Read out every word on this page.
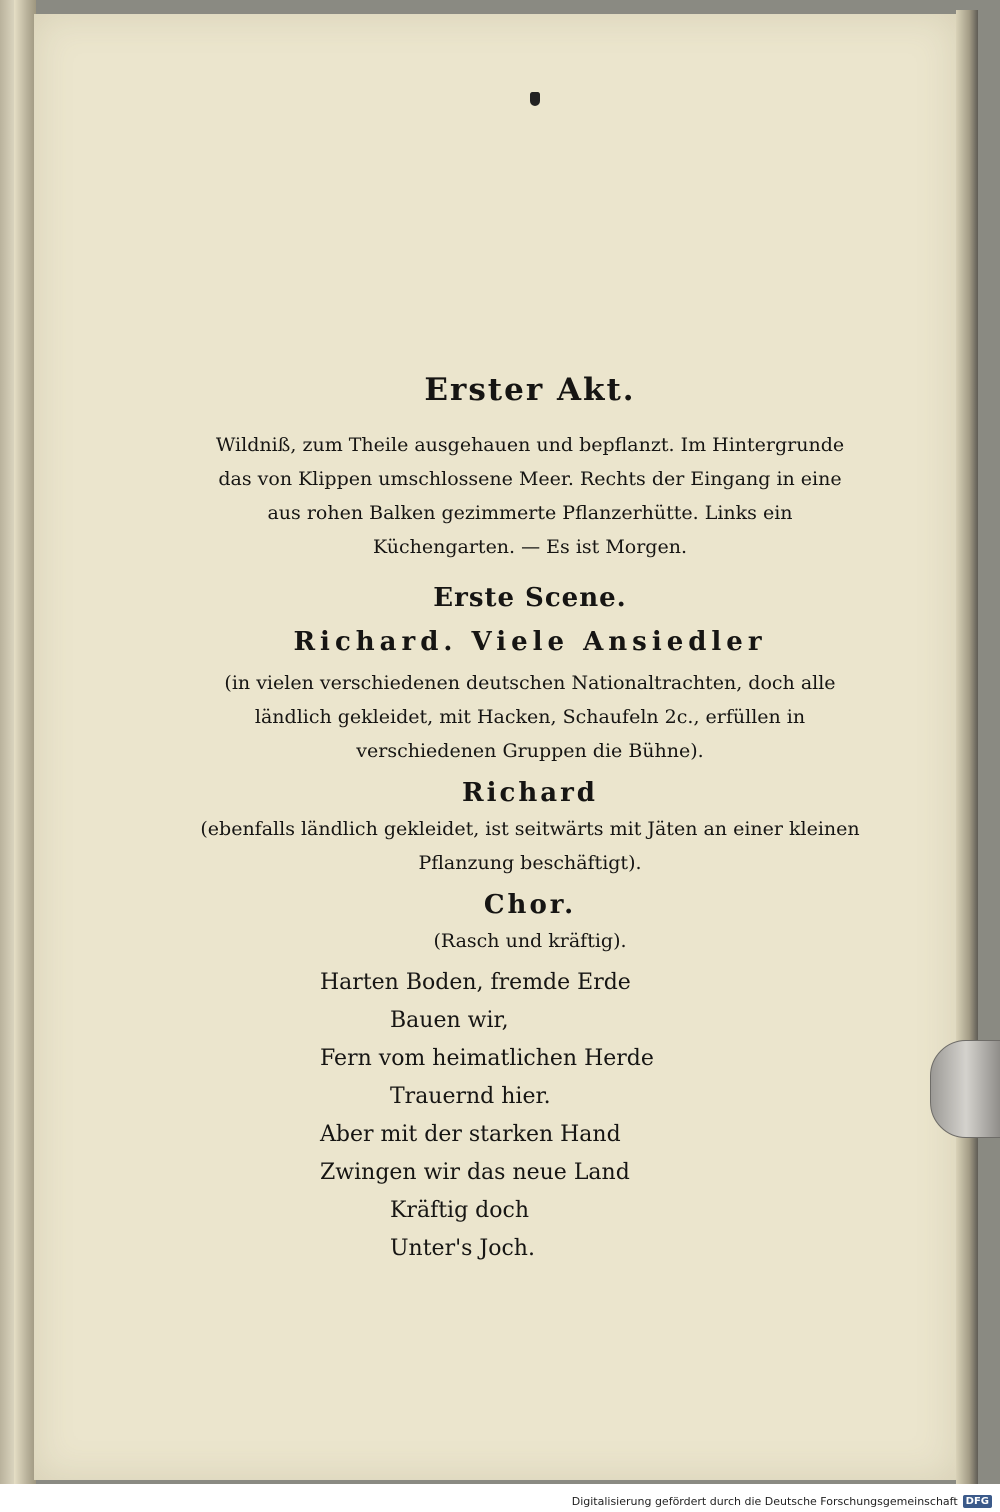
Erster Akt.
Wildniß, zum Theile ausgehauen und bepflanzt. Im Hintergrunde das von Klippen umschlossene Meer. Rechts der Eingang in eine aus rohen Balken gezimmerte Pflanzerhütte. Links ein Küchengarten. — Es ist Morgen.
Erste Scene.
Richard. Viele Ansiedler
(in vielen verschiedenen deutschen Nationaltrachten, doch alle ländlich gekleidet, mit Hacken, Schaufeln 2c., erfüllen in verschiedenen Gruppen die Bühne).
Richard
(ebenfalls ländlich gekleidet, ist seitwärts mit Jäten an einer kleinen Pflanzung beschäftigt).
Chor.
(Rasch und kräftig).
Harten Boden, fremde Erde
Bauen wir,
Fern vom heimatlichen Herde
Trauernd hier.
Aber mit der starken Hand
Zwingen wir das neue Land
Kräftig doch
Unter's Joch.
Digitalisierung gefördert durch die Deutsche Forschungsgemeinschaft DFG
